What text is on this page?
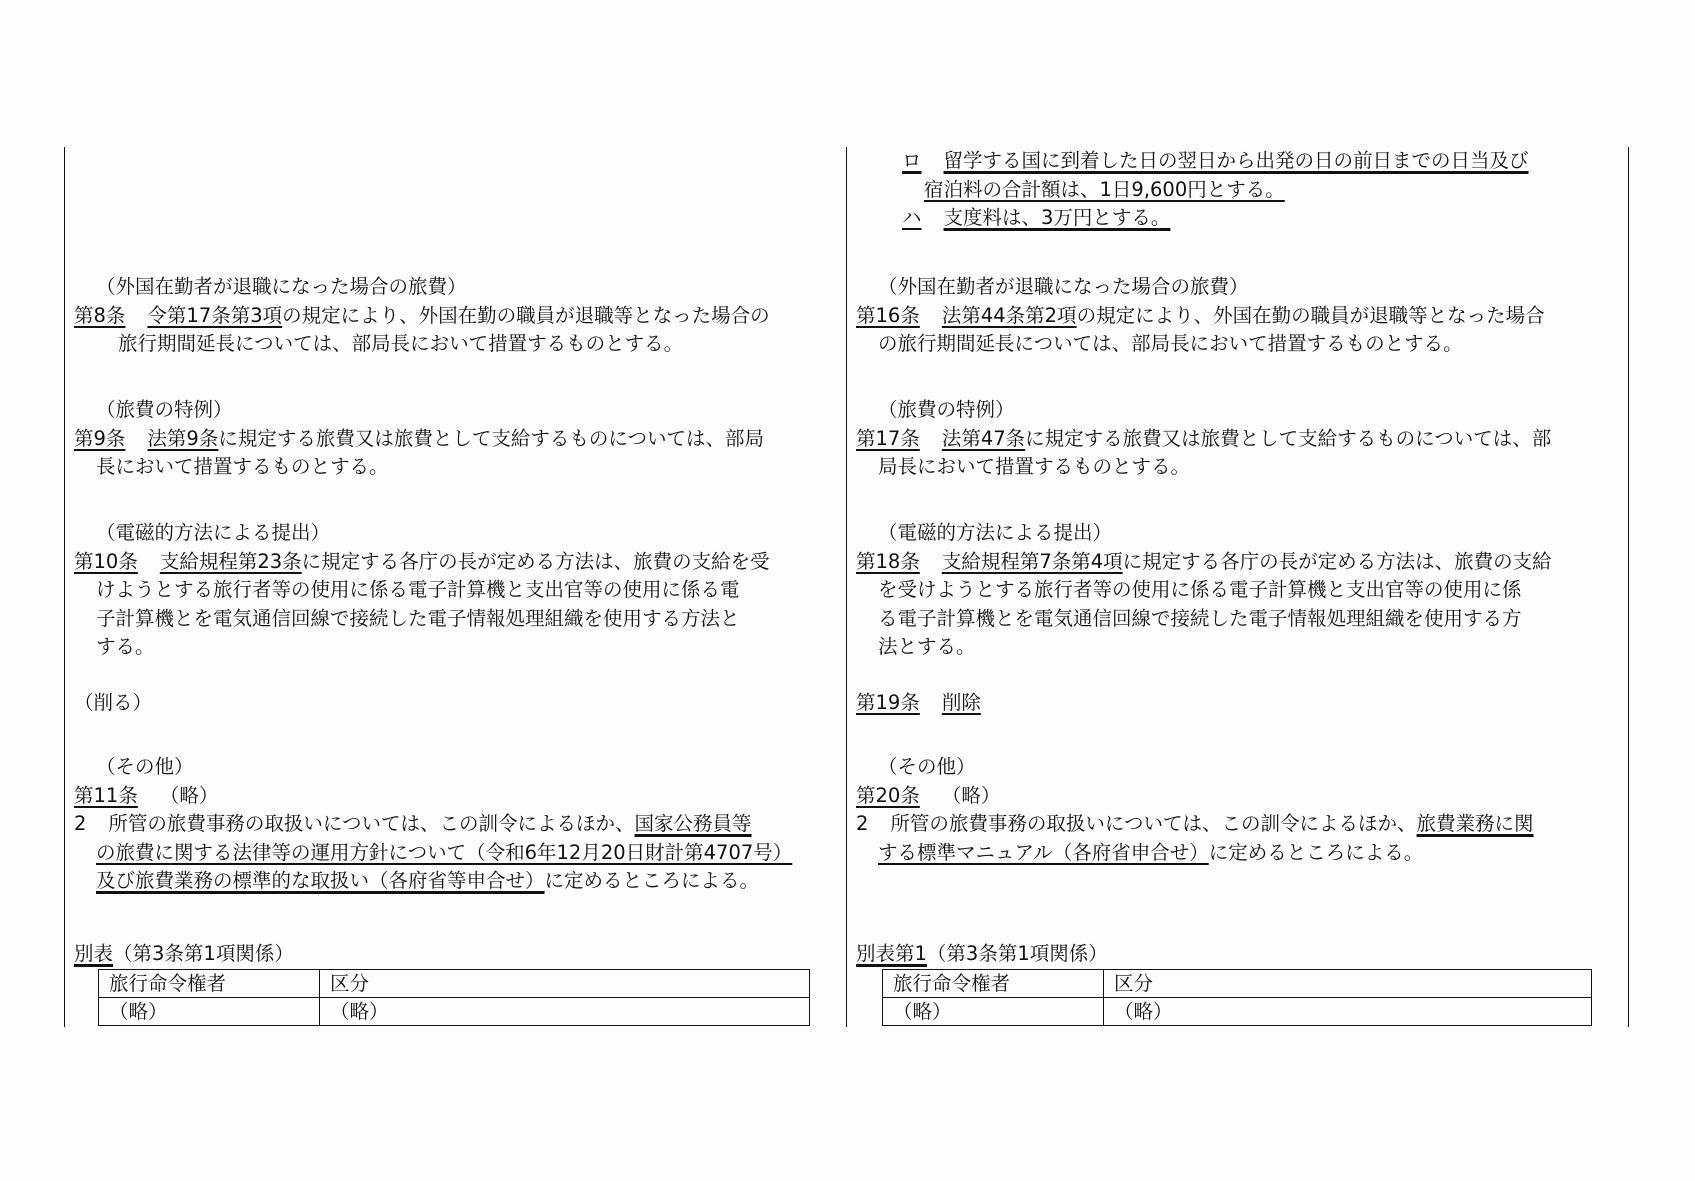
（外国在勤者が退職になった場合の旅費）
第8条 令第17条第3項の規定により、外国在勤の職員が退職等となった場合の
旅行期間延長については、部局長において措置するものとする。
（旅費の特例）
第9条 法第9条に規定する旅費又は旅費として支給するものについては、部局
長において措置するものとする。
（電磁的方法による提出）
第10条 支給規程第23条に規定する各庁の長が定める方法は、旅費の支給を受
けようとする旅行者等の使用に係る電子計算機と支出官等の使用に係る電
子計算機とを電気通信回線で接続した電子情報処理組織を使用する方法と
する。
（削る）
（その他）
第11条 （略）
2 所管の旅費事務の取扱いについては、この訓令によるほか、国家公務員等
の旅費に関する法律等の運用方針について（令和6年12月20日財計第4707号）
及び旅費業務の標準的な取扱い（各府省等申合せ）に定めるところによる。
別表（第3条第1項関係）
旅行命令権者	区分
（略）	（略）
ロ 留学する国に到着した日の翌日から出発の日の前日までの日当及び
宿泊料の合計額は、1日9,600円とする。
ハ 支度料は、3万円とする。
（外国在勤者が退職になった場合の旅費）
第16条 法第44条第2項の規定により、外国在勤の職員が退職等となった場合
の旅行期間延長については、部局長において措置するものとする。
（旅費の特例）
第17条 法第47条に規定する旅費又は旅費として支給するものについては、部
局長において措置するものとする。
（電磁的方法による提出）
第18条 支給規程第7条第4項に規定する各庁の長が定める方法は、旅費の支給
を受けようとする旅行者等の使用に係る電子計算機と支出官等の使用に係
る電子計算機とを電気通信回線で接続した電子情報処理組織を使用する方
法とする。
第19条 削除
（その他）
第20条 （略）
2 所管の旅費事務の取扱いについては、この訓令によるほか、旅費業務に関
する標準マニュアル（各府省申合せ）に定めるところによる。
別表第1（第3条第1項関係）
旅行命令権者	区分
（略）	（略）
